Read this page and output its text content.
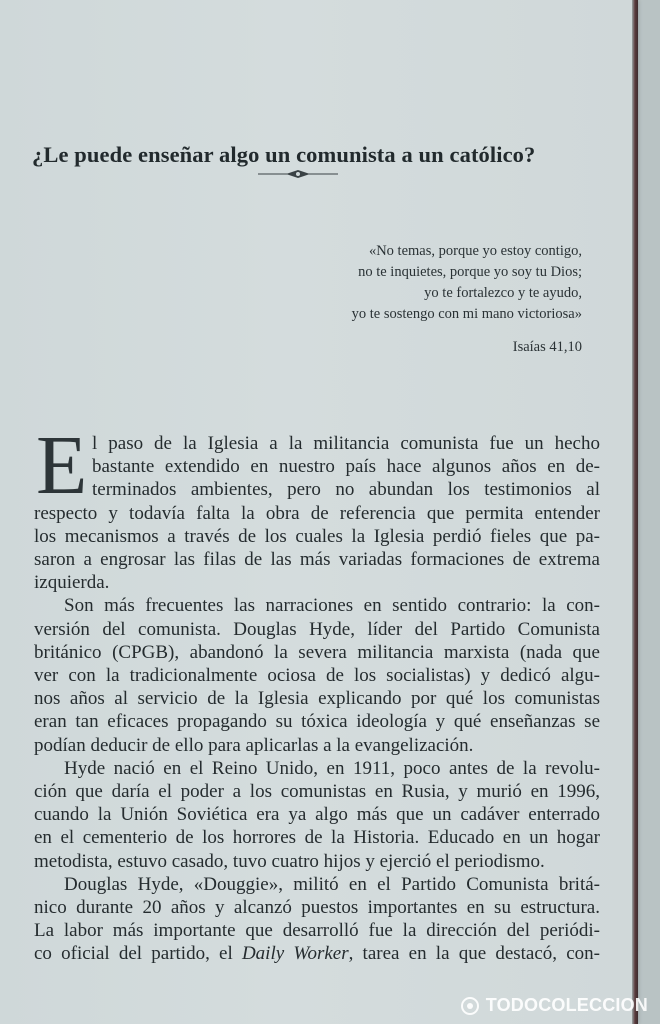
¿Le puede enseñar algo un comunista a un católico?
«No temas, porque yo estoy contigo,
no te inquietes, porque yo soy tu Dios;
yo te fortalezco y te ayudo,
yo te sostengo con mi mano victoriosa»
Isaías 41,10
E l paso de la Iglesia a la militancia comunista fue un hecho
bastante extendido en nuestro país hace algunos años en de-
terminados ambientes, pero no abundan los testimonios al
respecto y todavía falta la obra de referencia que permita entender
los mecanismos a través de los cuales la Iglesia perdió fieles que pa-
saron a engrosar las filas de las más variadas formaciones de extrema
izquierda.
Son más frecuentes las narraciones en sentido contrario: la con-
versión del comunista. Douglas Hyde, líder del Partido Comunista
británico (CPGB), abandonó la severa militancia marxista (nada que
ver con la tradicionalmente ociosa de los socialistas) y dedicó algu-
nos años al servicio de la Iglesia explicando por qué los comunistas
eran tan eficaces propagando su tóxica ideología y qué enseñanzas se
podían deducir de ello para aplicarlas a la evangelización.
Hyde nació en el Reino Unido, en 1911, poco antes de la revolu-
ción que daría el poder a los comunistas en Rusia, y murió en 1996,
cuando la Unión Soviética era ya algo más que un cadáver enterrado
en el cementerio de los horrores de la Historia. Educado en un hogar
metodista, estuvo casado, tuvo cuatro hijos y ejerció el periodismo.
Douglas Hyde, «Douggie», militó en el Partido Comunista britá-
nico durante 20 años y alcanzó puestos importantes en su estructura.
La labor más importante que desarrolló fue la dirección del periódi-
co oficial del partido, el Daily Worker, tarea en la que destacó, con-
TODOCOLECCION
